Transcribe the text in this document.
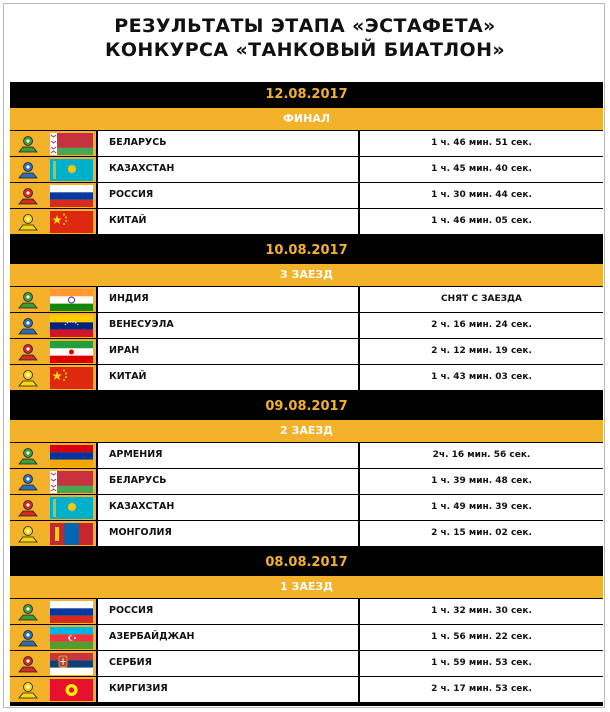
РЕЗУЛЬТАТЫ ЭТАПА «ЭСТАФЕТА»
КОНКУРСА «ТАНКОВЫЙ БИАТЛОН»
12.08.2017
ФИНАЛ
БЕЛАРУСЬ	1 ч. 46 мин. 51 сек.
КАЗАХСТАН	1 ч. 45 мин. 40 сек.
РОССИЯ	1 ч. 30 мин. 44 сек.
КИТАЙ	1 ч. 46 мин. 05 сек.
10.08.2017
3 ЗАЕЗД
ИНДИЯ	СНЯТ С ЗАЕЗДА
ВЕНЕСУЭЛА	2 ч. 16 мин. 24 сек.
ИРАН	2 ч. 12 мин. 19 сек.
КИТАЙ	1 ч. 43 мин. 03 сек.
09.08.2017
2 ЗАЕЗД
АРМЕНИЯ	2ч. 16 мин. 56 сек.
БЕЛАРУСЬ	1 ч. 39 мин. 48 сек.
КАЗАХСТАН	1 ч. 49 мин. 39 сек.
МОНГОЛИЯ	2 ч. 15 мин. 02 сек.
08.08.2017
1 ЗАЕЗД
РОССИЯ	1 ч. 32 мин. 30 сек.
АЗЕРБАЙДЖАН	1 ч. 56 мин. 22 сек.
СЕРБИЯ	1 ч. 59 мин. 53 сек.
КИРГИЗИЯ	2 ч. 17 мин. 53 сек.
